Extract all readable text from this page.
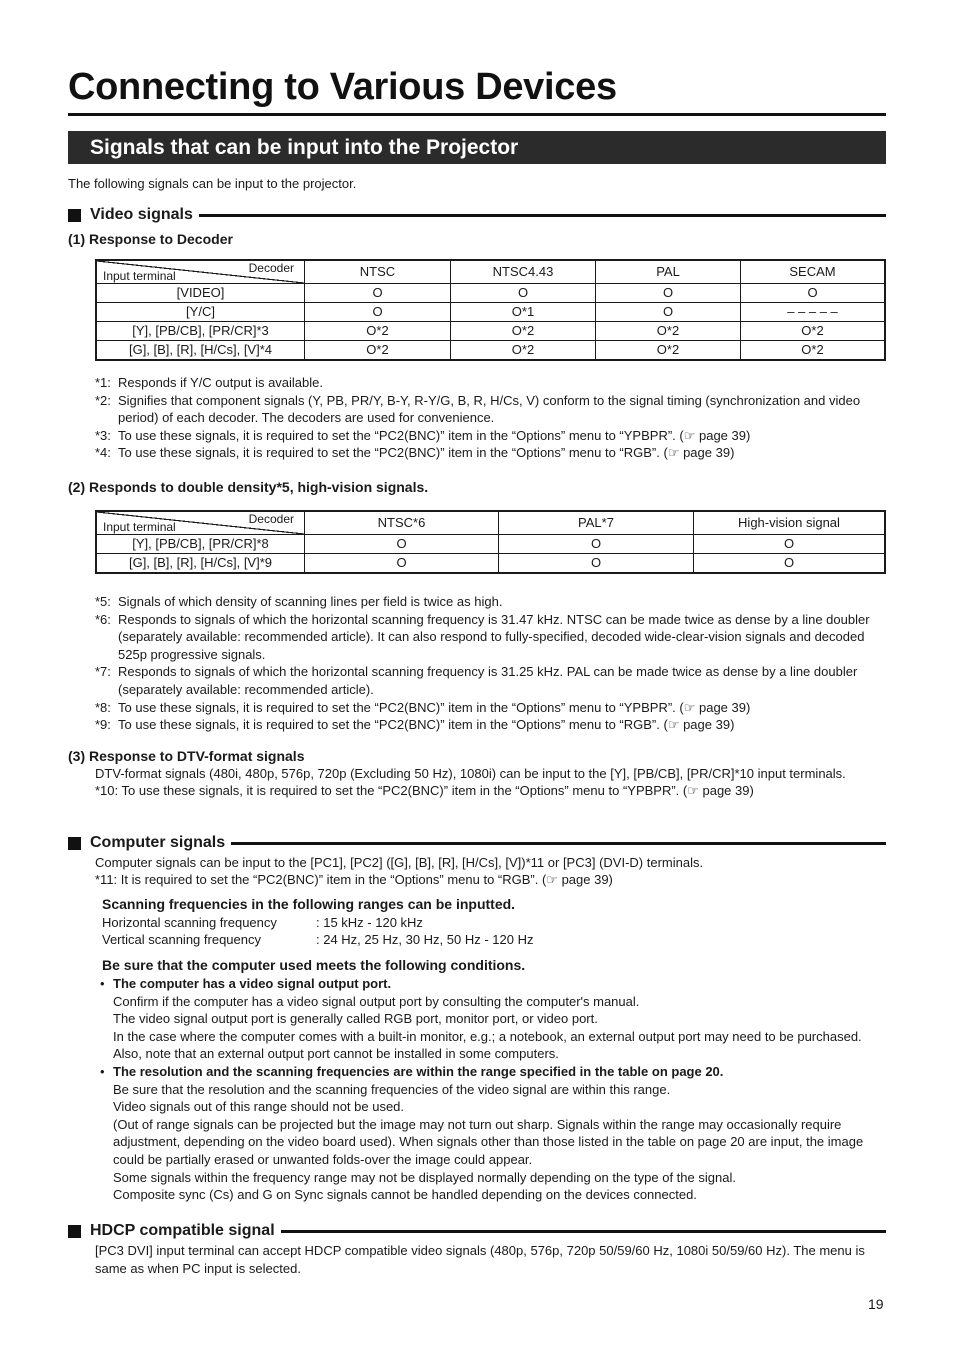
Connecting to Various Devices
Signals that can be input into the Projector
The following signals can be input to the projector.
Video signals
(1) Response to Decoder
Decoder
Input terminal	NTSC	NTSC4.43	PAL	SECAM
[VIDEO]	O	O	O	O
[Y/C]	O	O*1	O	– – – – –
[Y], [PB/CB], [PR/CR]*3	O*2	O*2	O*2	O*2
[G], [B], [R], [H/Cs], [V]*4	O*2	O*2	O*2	O*2
*1: Responds if Y/C output is available.
*2: Signifies that component signals (Y, PB, PR/Y, B-Y, R-Y/G, B, R, H/Cs, V) conform to the signal timing (synchronization and video period) of each decoder. The decoders are used for convenience.
*3: To use these signals, it is required to set the “PC2(BNC)” item in the “Options” menu to “YPBPR”. (☞ page 39)
*4: To use these signals, it is required to set the “PC2(BNC)” item in the “Options” menu to “RGB”. (☞ page 39)
(2) Responds to double density*5, high-vision signals.
Decoder
Input terminal	NTSC*6	PAL*7	High-vision signal
[Y], [PB/CB], [PR/CR]*8	O	O	O
[G], [B], [R], [H/Cs], [V]*9	O	O	O
*5: Signals of which density of scanning lines per field is twice as high.
*6: Responds to signals of which the horizontal scanning frequency is 31.47 kHz. NTSC can be made twice as dense by a line doubler (separately available: recommended article). It can also respond to fully-specified, decoded wide-clear-vision signals and decoded 525p progressive signals.
*7: Responds to signals of which the horizontal scanning frequency is 31.25 kHz. PAL can be made twice as dense by a line doubler (separately available: recommended article).
*8: To use these signals, it is required to set the “PC2(BNC)” item in the “Options” menu to “YPBPR”. (☞ page 39)
*9: To use these signals, it is required to set the “PC2(BNC)” item in the “Options” menu to “RGB”. (☞ page 39)
(3) Response to DTV-format signals
DTV-format signals (480i, 480p, 576p, 720p (Excluding 50 Hz), 1080i) can be input to the [Y], [PB/CB], [PR/CR]*10 input terminals.
*10: To use these signals, it is required to set the “PC2(BNC)” item in the “Options” menu to “YPBPR”. (☞ page 39)
Computer signals
Computer signals can be input to the [PC1], [PC2] ([G], [B], [R], [H/Cs], [V])*11 or [PC3] (DVI-D) terminals.
*11: It is required to set the “PC2(BNC)” item in the “Options” menu to “RGB”. (☞ page 39)
Scanning frequencies in the following ranges can be inputted.
Horizontal scanning frequency	: 15 kHz - 120 kHz
Vertical scanning frequency	: 24 Hz, 25 Hz, 30 Hz, 50 Hz - 120 Hz
Be sure that the computer used meets the following conditions.
• The computer has a video signal output port.
Confirm if the computer has a video signal output port by consulting the computer's manual.
The video signal output port is generally called RGB port, monitor port, or video port.
In the case where the computer comes with a built-in monitor, e.g.; a notebook, an external output port may need to be purchased. Also, note that an external output port cannot be installed in some computers.
• The resolution and the scanning frequencies are within the range specified in the table on page 20.
Be sure that the resolution and the scanning frequencies of the video signal are within this range.
Video signals out of this range should not be used.
(Out of range signals can be projected but the image may not turn out sharp. Signals within the range may occasionally require adjustment, depending on the video board used). When signals other than those listed in the table on page 20 are input, the image could be partially erased or unwanted folds-over the image could appear.
Some signals within the frequency range may not be displayed normally depending on the type of the signal.
Composite sync (Cs) and G on Sync signals cannot be handled depending on the devices connected.
HDCP compatible signal
[PC3 DVI] input terminal can accept HDCP compatible video signals (480p, 576p, 720p 50/59/60 Hz, 1080i 50/59/60 Hz). The menu is same as when PC input is selected.
19
